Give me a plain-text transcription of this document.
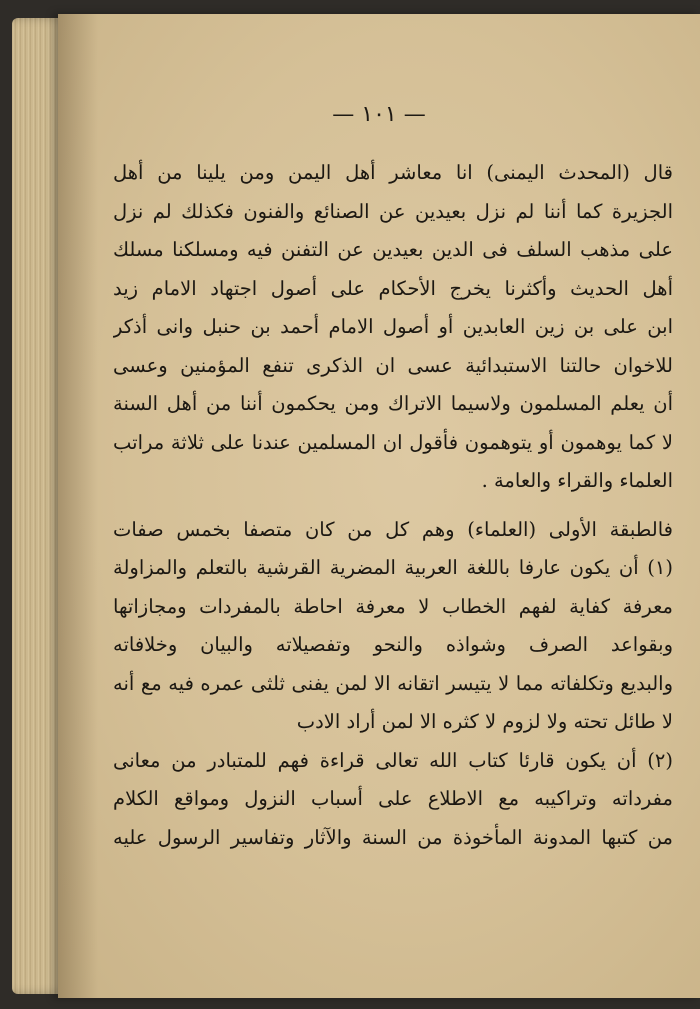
— ١٠١ —
قال (المحدث اليمنى) انا معاشر أهل اليمن ومن يلينا من أهل
الجزيرة كما أننا لم نزل بعيدين عن الصنائع والفنون فكذلك لم نزل
على مذهب السلف فى الدين بعيدين عن التفنن فيه ومسلكنا مسلك
أهل الحديث وأكثرنا يخرج الأحكام على أصول اجتهاد الامام زيد
ابن على بن زين العابدين أو أصول الامام أحمد بن حنبل وانى أذكر
للاخوان حالتنا الاستبدائية عسى ان الذكرى تنفع المؤمنين وعسى
أن يعلم المسلمون ولاسيما الاتراك ومن يحكمون أننا من أهل السنة
لا كما يوهمون أو يتوهمون فأقول ان المسلمين عندنا على ثلاثة مراتب
العلماء والقراء والعامة .
فالطبقة الأولى (العلماء) وهم كل من كان متصفا بخمس صفات
(١) أن يكون عارفا باللغة العربية المضرية القرشية بالتعلم والمزاولة
معرفة كفاية لفهم الخطاب لا معرفة احاطة بالمفردات ومجازاتها
وبقواعد الصرف وشواذه والنحو وتفصيلاته والبيان وخلافاته
والبديع وتكلفاته مما لا يتيسر اتقانه الا لمن يفنى ثلثى عمره فيه مع أنه
لا طائل تحته ولا لزوم لا كثره الا لمن أراد الادب
(٢) أن يكون قارئا كتاب الله تعالى قراءة فهم للمتبادر من معانى
مفرداته وتراكيبه مع الاطلاع على أسباب النزول ومواقع الكلام
من كتبها المدونة المأخوذة من السنة والآثار وتفاسير الرسول عليه
